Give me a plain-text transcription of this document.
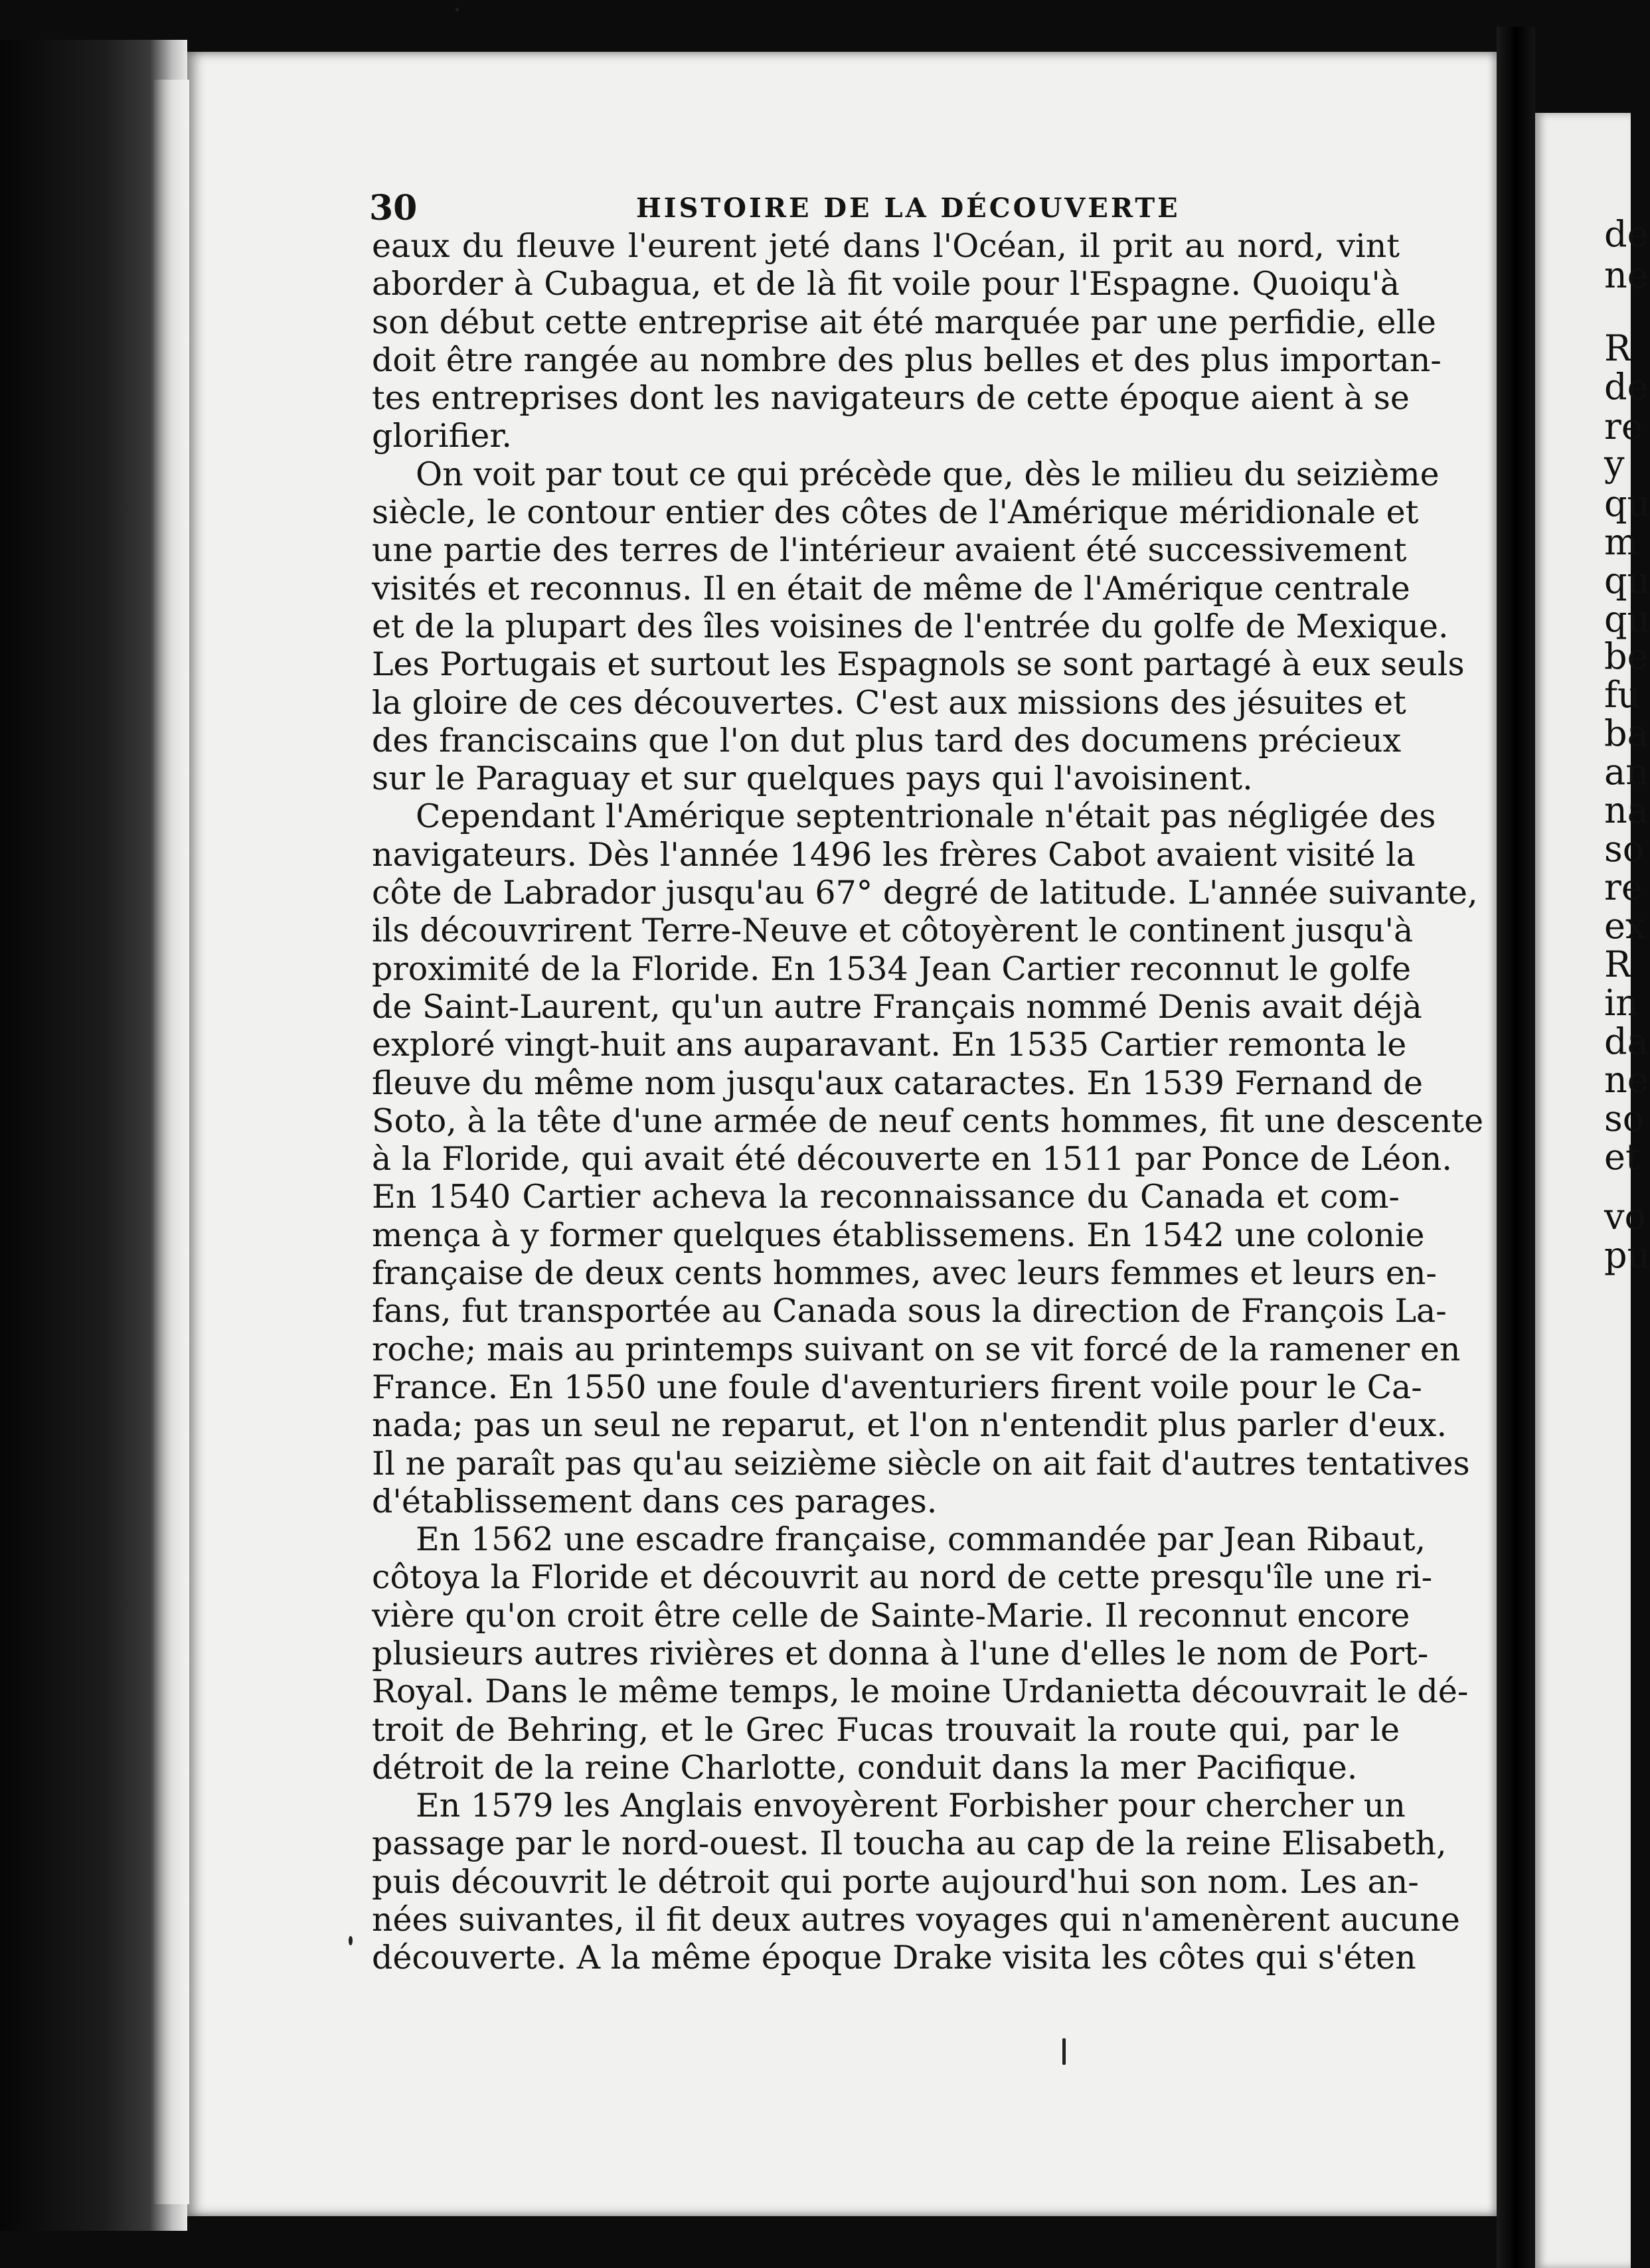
30	HISTOIRE DE LA DÉCOUVERTE
eaux du fleuve l'eurent jeté dans l'Océan, il prit au nord, vint
aborder à Cubagua, et de là fit voile pour l'Espagne. Quoiqu'à
son début cette entreprise ait été marquée par une perfidie, elle
doit être rangée au nombre des plus belles et des plus importan-
tes entreprises dont les navigateurs de cette époque aient à se
glorifier.
On voit par tout ce qui précède que, dès le milieu du seizième
siècle, le contour entier des côtes de l'Amérique méridionale et
une partie des terres de l'intérieur avaient été successivement
visités et reconnus. Il en était de même de l'Amérique centrale
et de la plupart des îles voisines de l'entrée du golfe de Mexique.
Les Portugais et surtout les Espagnols se sont partagé à eux seuls
la gloire de ces découvertes. C'est aux missions des jésuites et
des franciscains que l'on dut plus tard des documens précieux
sur le Paraguay et sur quelques pays qui l'avoisinent.
Cependant l'Amérique septentrionale n'était pas négligée des
navigateurs. Dès l'année 1496 les frères Cabot avaient visité la
côte de Labrador jusqu'au 67° degré de latitude. L'année suivante,
ils découvrirent Terre-Neuve et côtoyèrent le continent jusqu'à
proximité de la Floride. En 1534 Jean Cartier reconnut le golfe
de Saint-Laurent, qu'un autre Français nommé Denis avait déjà
exploré vingt-huit ans auparavant. En 1535 Cartier remonta le
fleuve du même nom jusqu'aux cataractes. En 1539 Fernand de
Soto, à la tête d'une armée de neuf cents hommes, fit une descente
à la Floride, qui avait été découverte en 1511 par Ponce de Léon.
En 1540 Cartier acheva la reconnaissance du Canada et com-
mença à y former quelques établissemens. En 1542 une colonie
française de deux cents hommes, avec leurs femmes et leurs en-
fans, fut transportée au Canada sous la direction de François La-
roche; mais au printemps suivant on se vit forcé de la ramener en
France. En 1550 une foule d'aventuriers firent voile pour le Ca-
nada; pas un seul ne reparut, et l'on n'entendit plus parler d'eux.
Il ne paraît pas qu'au seizième siècle on ait fait d'autres tentatives
d'établissement dans ces parages.
En 1562 une escadre française, commandée par Jean Ribaut,
côtoya la Floride et découvrit au nord de cette presqu'île une ri-
vière qu'on croit être celle de Sainte-Marie. Il reconnut encore
plusieurs autres rivières et donna à l'une d'elles le nom de Port-
Royal. Dans le même temps, le moine Urdanietta découvrait le dé-
troit de Behring, et le Grec Fucas trouvait la route qui, par le
détroit de la reine Charlotte, conduit dans la mer Pacifique.
En 1579 les Anglais envoyèrent Forbisher pour chercher un
passage par le nord-ouest. Il toucha au cap de la reine Elisabeth,
puis découvrit le détroit qui porte aujourd'hui son nom. Les an-
nées suivantes, il fit deux autres voyages qui n'amenèrent aucune
découverte. A la même époque Drake visita les côtes qui s'éten
de
ne
R
de
re
y
qu
m
qu
qu
be
fu
ba
an
na
so
re
ex
R
in
da
ne
so
et
vo
pu
